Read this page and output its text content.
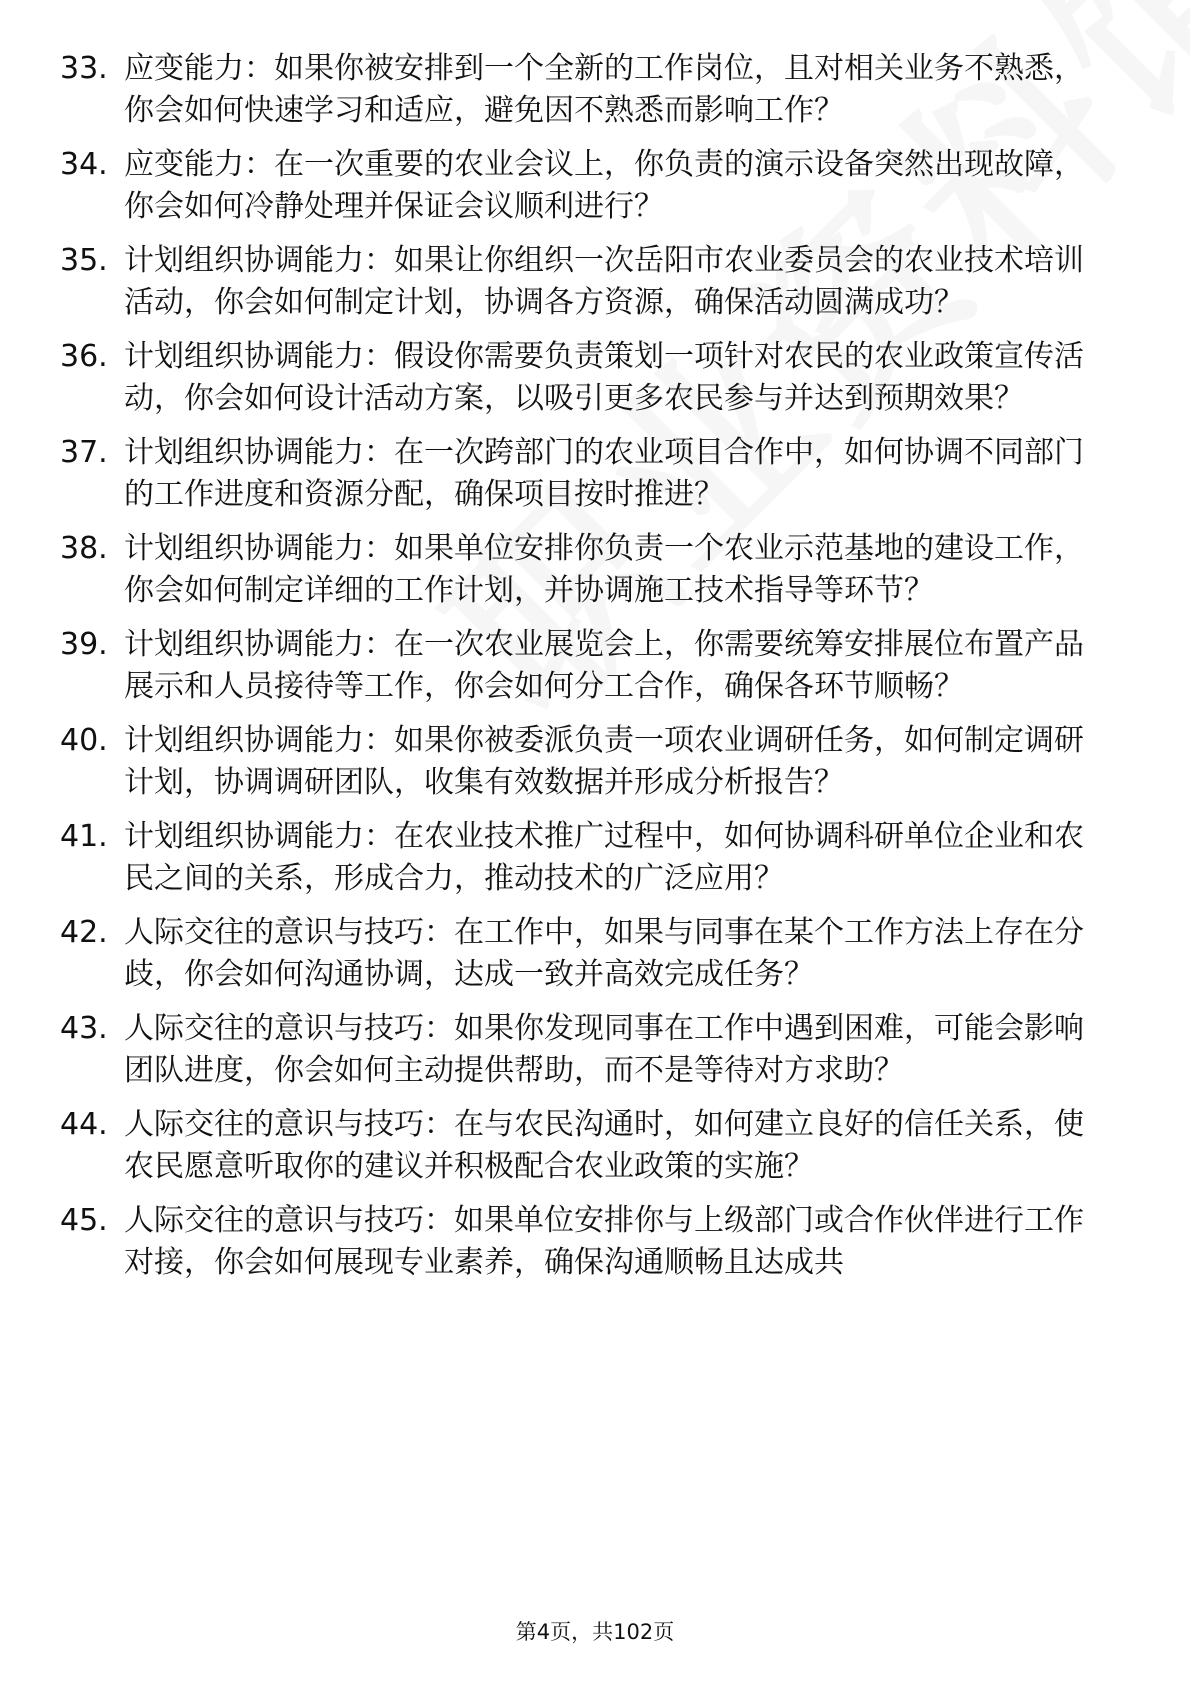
33. 应变能力：如果你被安排到一个全新的工作岗位，且对相关业务不熟悉，你会如何快速学习和适应，避免因不熟悉而影响工作？
34. 应变能力：在一次重要的农业会议上，你负责的演示设备突然出现故障，你会如何冷静处理并保证会议顺利进行？
35. 计划组织协调能力：如果让你组织一次岳阳市农业委员会的农业技术培训活动，你会如何制定计划，协调各方资源，确保活动圆满成功？
36. 计划组织协调能力：假设你需要负责策划一项针对农民的农业政策宣传活动，你会如何设计活动方案，以吸引更多农民参与并达到预期效果？
37. 计划组织协调能力：在一次跨部门的农业项目合作中，如何协调不同部门的工作进度和资源分配，确保项目按时推进？
38. 计划组织协调能力：如果单位安排你负责一个农业示范基地的建设工作，你会如何制定详细的工作计划，并协调施工技术指导等环节？
39. 计划组织协调能力：在一次农业展览会上，你需要统筹安排展位布置产品展示和人员接待等工作，你会如何分工合作，确保各环节顺畅？
40. 计划组织协调能力：如果你被委派负责一项农业调研任务，如何制定调研计划，协调调研团队，收集有效数据并形成分析报告？
41. 计划组织协调能力：在农业技术推广过程中，如何协调科研单位企业和农民之间的关系，形成合力，推动技术的广泛应用？
42. 人际交往的意识与技巧：在工作中，如果与同事在某个工作方法上存在分歧，你会如何沟通协调，达成一致并高效完成任务？
43. 人际交往的意识与技巧：如果你发现同事在工作中遇到困难，可能会影响团队进度，你会如何主动提供帮助，而不是等待对方求助？
44. 人际交往的意识与技巧：在与农民沟通时，如何建立良好的信任关系，使农民愿意听取你的建议并积极配合农业政策的实施？
45. 人际交往的意识与技巧：如果单位安排你与上级部门或合作伙伴进行工作对接，你会如何展现专业素养，确保沟通顺畅且达成共
第4页，共102页
